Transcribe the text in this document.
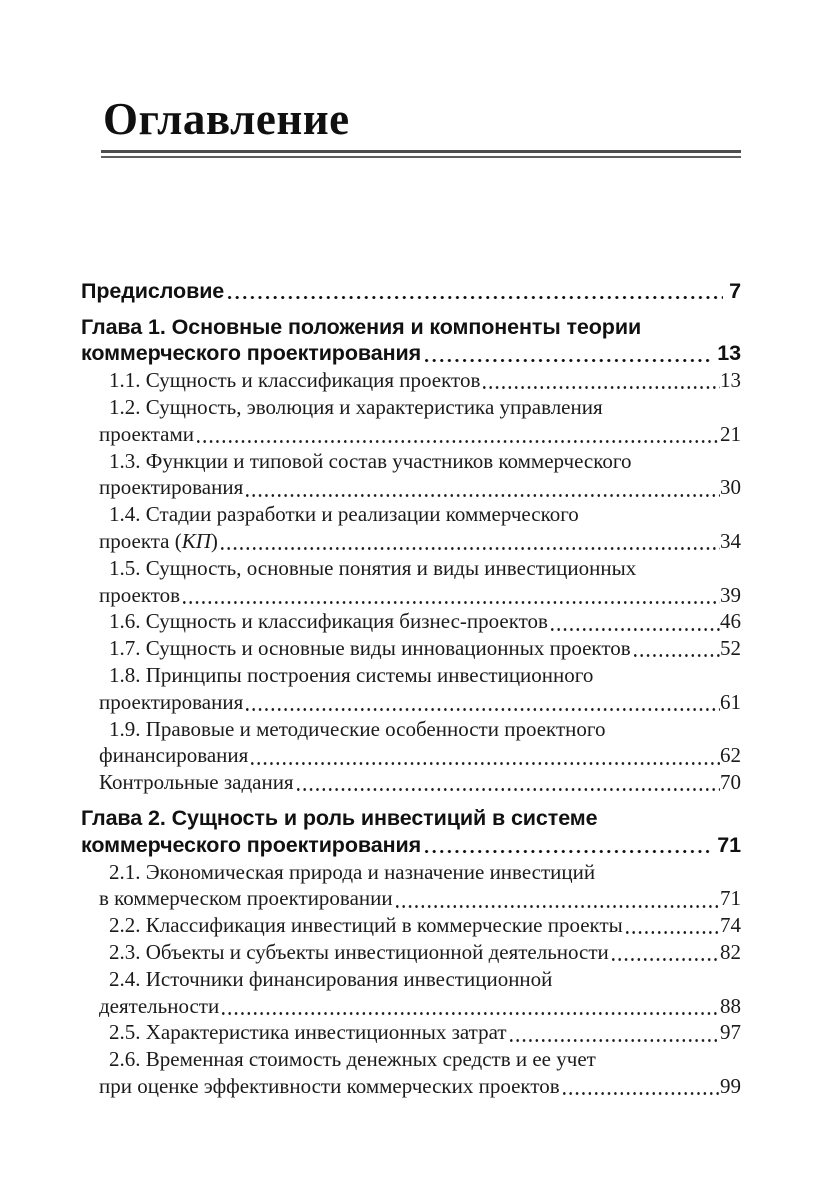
Оглавление
Предисловие	7
Глава 1. Основные положения и компоненты теории
коммерческого проектирования	13
1.1. Сущность и классификация проектов	13
1.2. Сущность, эволюция и характеристика управления
проектами	21
1.3. Функции и типовой состав участников коммерческого
проектирования	30
1.4. Стадии разработки и реализации коммерческого
проекта (КП)	34
1.5. Сущность, основные понятия и виды инвестиционных
проектов	39
1.6. Сущность и классификация бизнес-проектов	46
1.7. Сущность и основные виды инновационных проектов	52
1.8. Принципы построения системы инвестиционного
проектирования	61
1.9. Правовые и методические особенности проектного
финансирования	62
Контрольные задания	70
Глава 2. Сущность и роль инвестиций в системе
коммерческого проектирования	71
2.1. Экономическая природа и назначение инвестиций
в коммерческом проектировании	71
2.2. Классификация инвестиций в коммерческие проекты	74
2.3. Объекты и субъекты инвестиционной деятельности	82
2.4. Источники финансирования инвестиционной
деятельности	88
2.5. Характеристика инвестиционных затрат	97
2.6. Временная стоимость денежных средств и ее учет
при оценке эффективности коммерческих проектов	99
